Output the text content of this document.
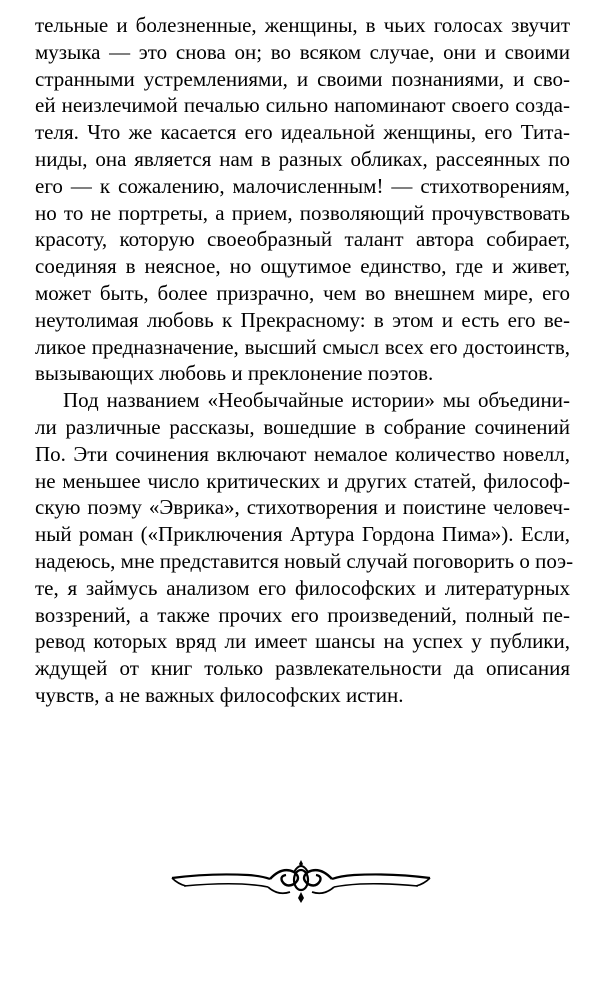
тельные и болезненные, женщины, в чьих голосах звучит
музыка — это снова он; во всяком случае, они и своими
странными устремлениями, и своими познаниями, и сво-
ей неизлечимой печалью сильно напоминают своего созда-
теля. Что же касается его идеальной женщины, его Тита-
ниды, она является нам в разных обликах, рассеянных по
его — к сожалению, малочисленным! — стихотворениям,
но то не портреты, а прием, позволяющий прочувствовать
красоту, которую своеобразный талант автора собирает,
соединяя в неясное, но ощутимое единство, где и живет,
может быть, более призрачно, чем во внешнем мире, его
неутолимая любовь к Прекрасному: в этом и есть его ве-
ликое предназначение, высший смысл всех его достоинств,
вызывающих любовь и преклонение поэтов.
Под названием «Необычайные истории» мы объедини-
ли различные рассказы, вошедшие в собрание сочинений
По. Эти сочинения включают немалое количество новелл,
не меньшее число критических и других статей, философ-
скую поэму «Эврика», стихотворения и поистине человеч-
ный роман («Приключения Артура Гордона Пима»). Если,
надеюсь, мне представится новый случай поговорить о поэ-
те, я займусь анализом его философских и литературных
воззрений, а также прочих его произведений, полный пе-
ревод которых вряд ли имеет шансы на успех у публики,
ждущей от книг только развлекательности да описания
чувств, а не важных философских истин.
